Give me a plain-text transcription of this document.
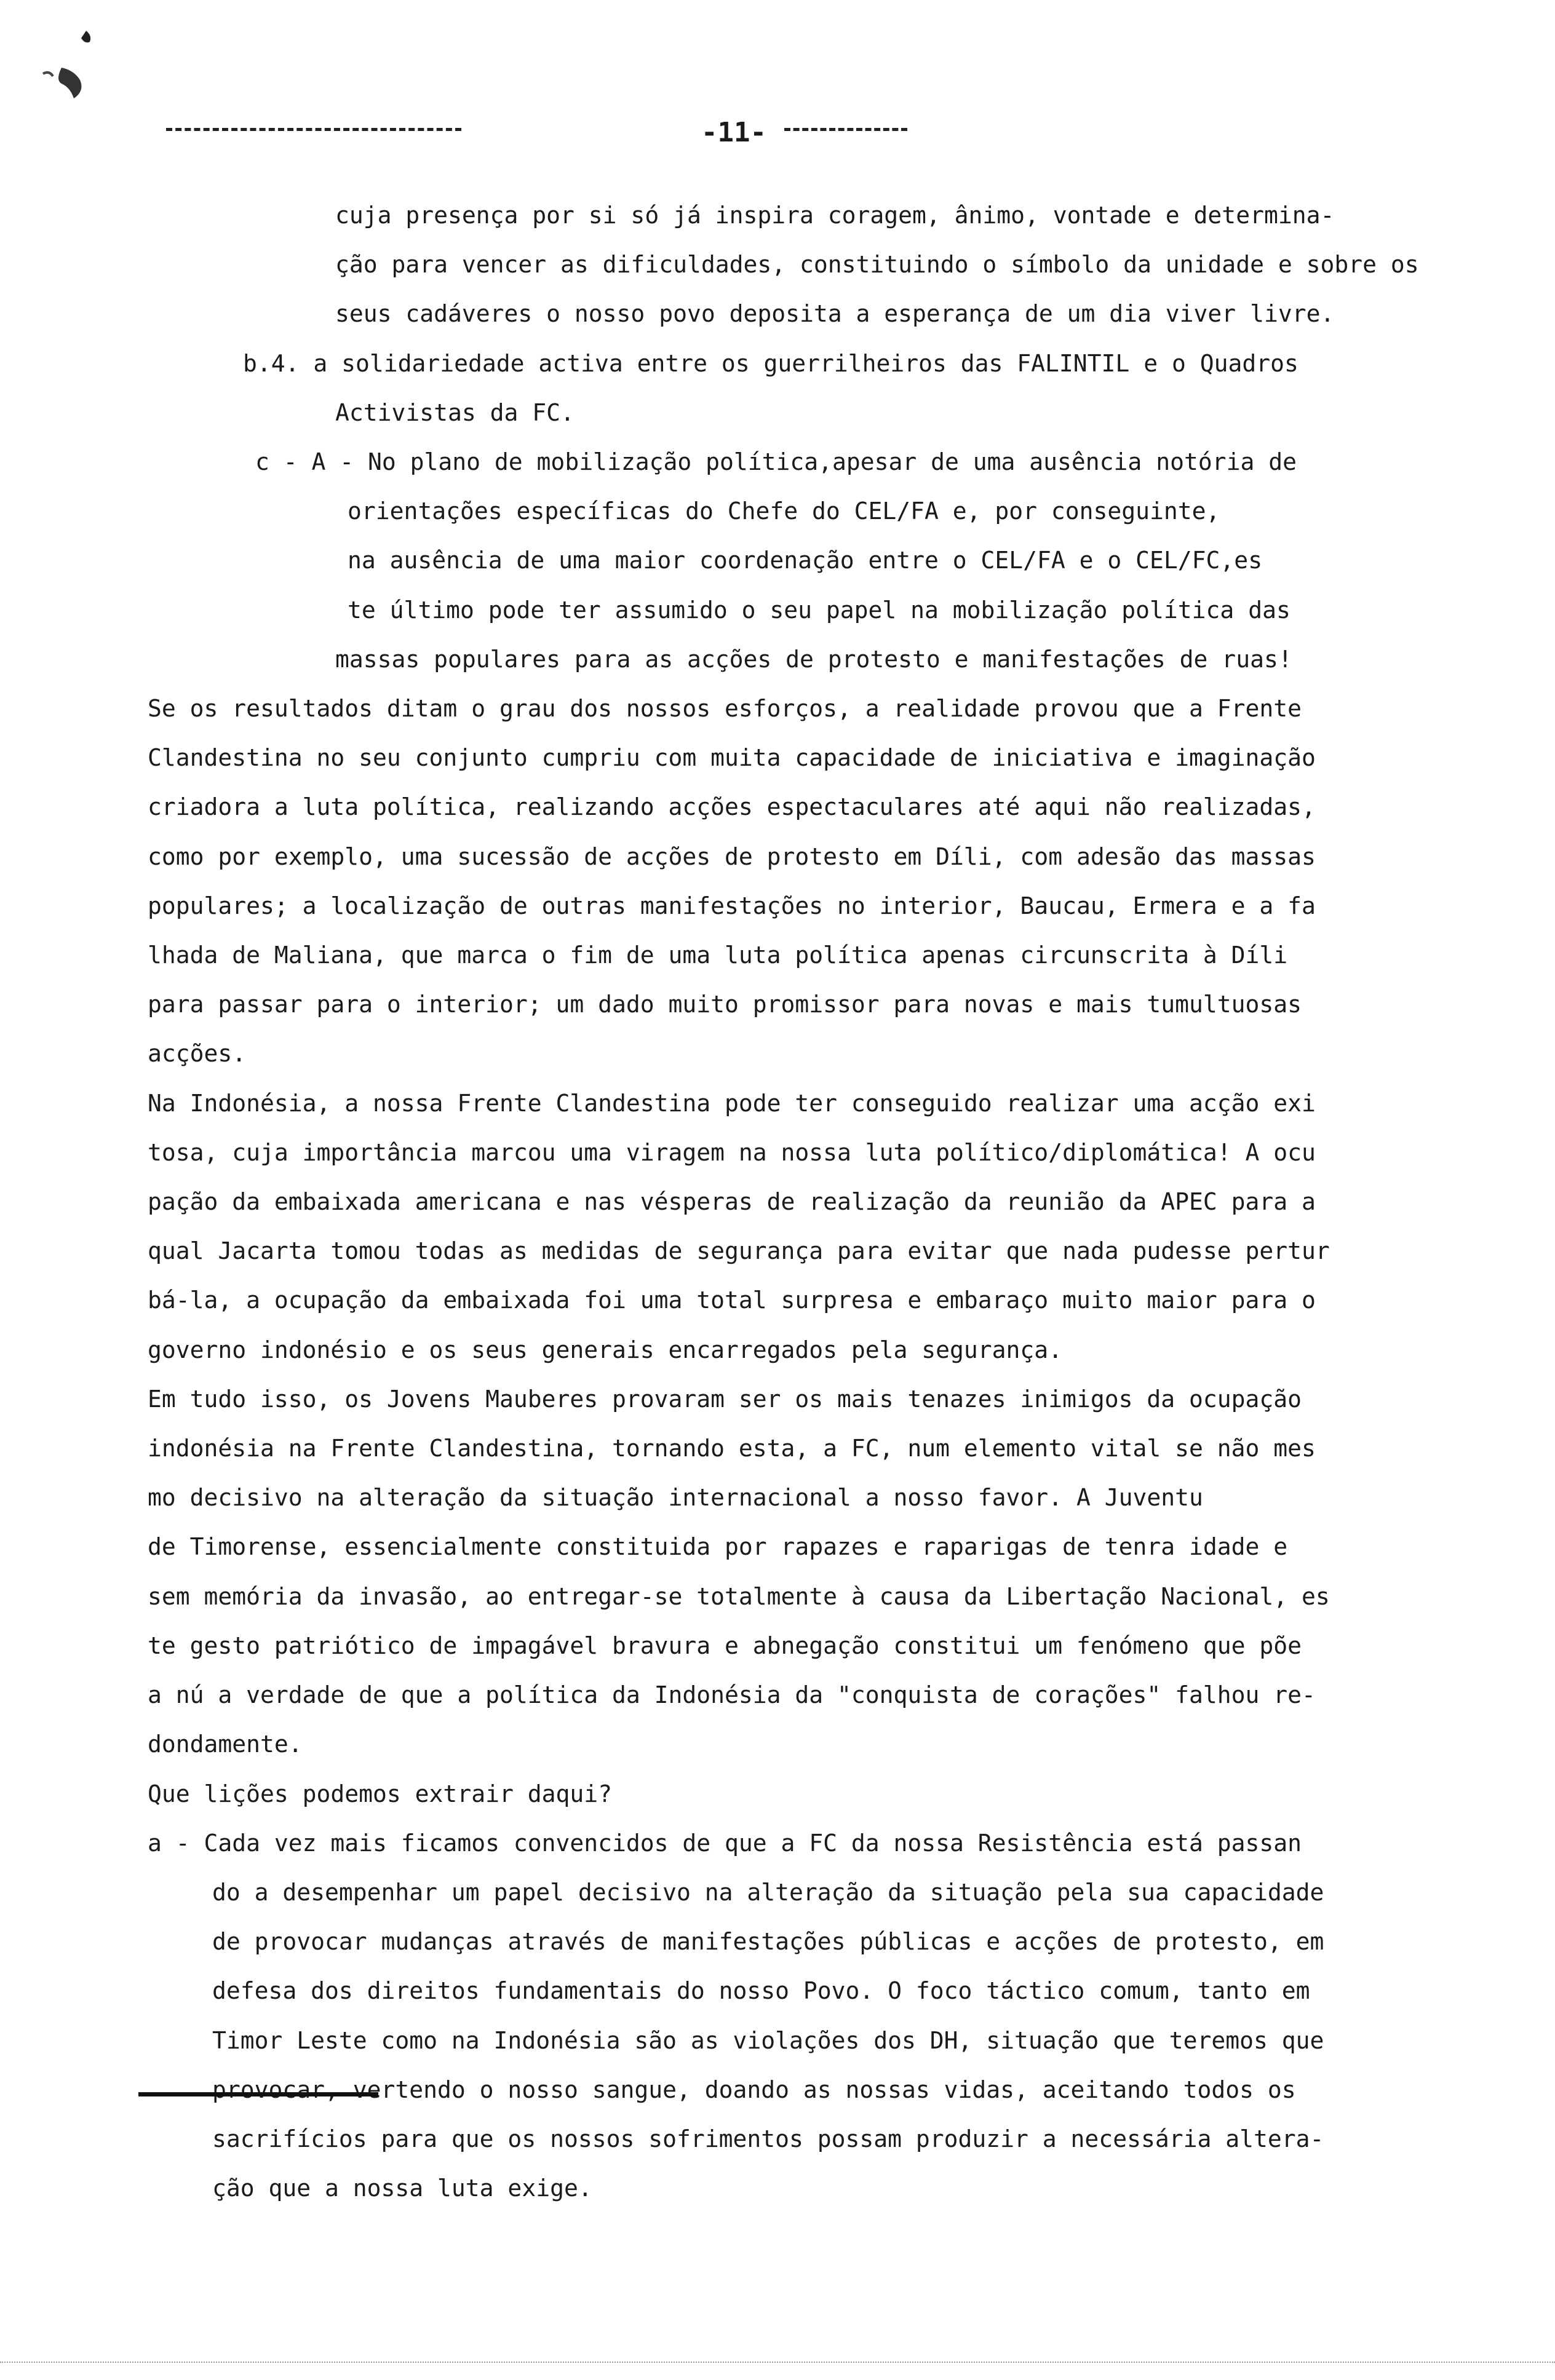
-11-
cuja presença por si só já inspira coragem, ânimo, vontade e determina-
ção para vencer as dificuldades, constituindo o símbolo da unidade e sobre os
seus cadáveres o nosso povo deposita a esperança de um dia viver livre.
b.4. a solidariedade activa entre os guerrilheiros das FALINTIL e o Quadros
Activistas da FC.
c - A - No plano de mobilização política,apesar de uma ausência notória de
orientações específicas do Chefe do CEL/FA e, por conseguinte,
na ausência de uma maior coordenação entre o CEL/FA e o CEL/FC,es
te último pode ter assumido o seu papel na mobilização política das
massas populares para as acções de protesto e manifestações de ruas!
Se os resultados ditam o grau dos nossos esforços, a realidade provou que a Frente
Clandestina no seu conjunto cumpriu com muita capacidade de iniciativa e imaginação
criadora a luta política, realizando acções espectaculares até aqui não realizadas,
como por exemplo, uma sucessão de acções de protesto em Díli, com adesão das massas
populares; a localização de outras manifestações no interior, Baucau, Ermera e a fa
lhada de Maliana, que marca o fim de uma luta política apenas circunscrita à Díli
para passar para o interior; um dado muito promissor para novas e mais tumultuosas
acções.
Na Indonésia, a nossa Frente Clandestina pode ter conseguido realizar uma acção exi
tosa, cuja importância marcou uma viragem na nossa luta político/diplomática! A ocu
pação da embaixada americana e nas vésperas de realização da reunião da APEC para a
qual Jacarta tomou todas as medidas de segurança para evitar que nada pudesse pertur
bá-la, a ocupação da embaixada foi uma total surpresa e embaraço muito maior para o
governo indonésio e os seus generais encarregados pela segurança.
Em tudo isso, os Jovens Mauberes provaram ser os mais tenazes inimigos da ocupação
indonésia na Frente Clandestina, tornando esta, a FC, num elemento vital se não mes
mo decisivo na alteração da situação internacional a nosso favor. A Juventu
de Timorense, essencialmente constituida por rapazes e raparigas de tenra idade e
sem memória da invasão, ao entregar-se totalmente à causa da Libertação Nacional, es
te gesto patriótico de impagável bravura e abnegação constitui um fenómeno que põe
a nú a verdade de que a política da Indonésia da "conquista de corações" falhou re-
dondamente.
Que lições podemos extrair daqui?
a - Cada vez mais ficamos convencidos de que a FC da nossa Resistência está passan
do a desempenhar um papel decisivo na alteração da situação pela sua capacidade
de provocar mudanças através de manifestações públicas e acções de protesto, em
defesa dos direitos fundamentais do nosso Povo. O foco táctico comum, tanto em
Timor Leste como na Indonésia são as violações dos DH, situação que teremos que
provocar, vertendo o nosso sangue, doando as nossas vidas, aceitando todos os
sacrifícios para que os nossos sofrimentos possam produzir a necessária altera-
ção que a nossa luta exige.
